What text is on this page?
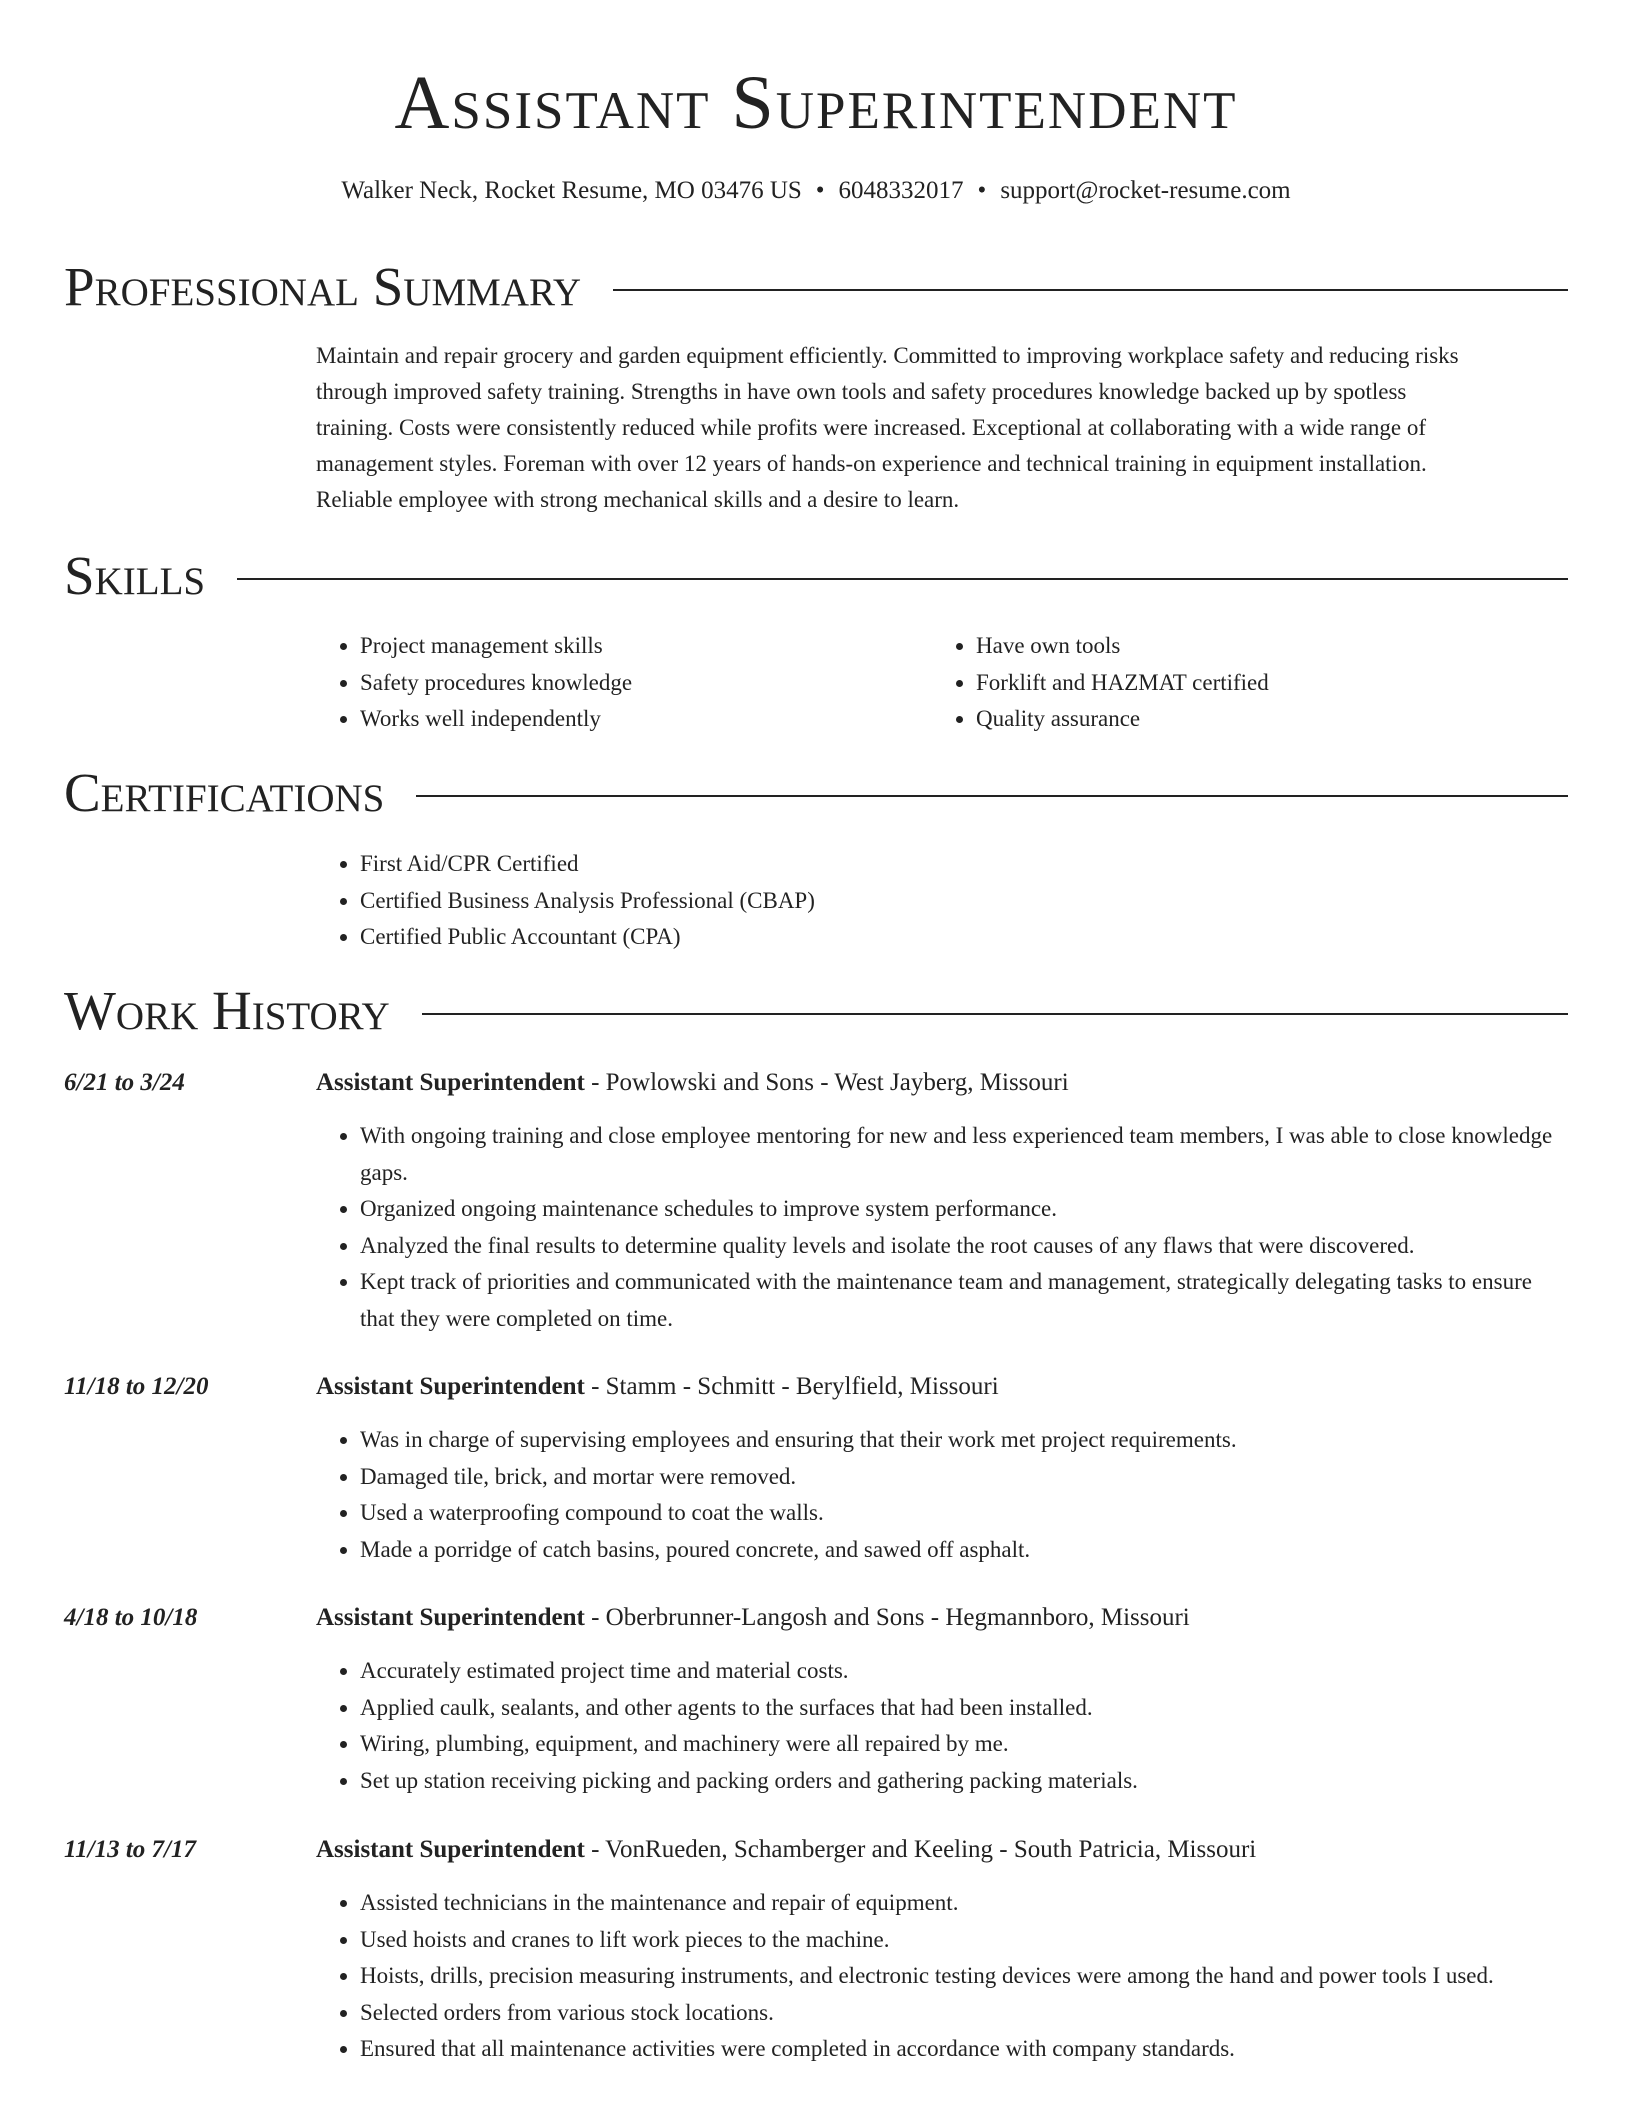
Assistant Superintendent
Walker Neck, Rocket Resume, MO 03476 US • 6048332017 • support@rocket-resume.com
Professional Summary
Maintain and repair grocery and garden equipment efficiently. Committed to improving workplace safety and reducing risks
through improved safety training. Strengths in have own tools and safety procedures knowledge backed up by spotless
training. Costs were consistently reduced while profits were increased. Exceptional at collaborating with a wide range of
management styles. Foreman with over 12 years of hands-on experience and technical training in equipment installation.
Reliable employee with strong mechanical skills and a desire to learn.
Skills
• Project management skills
• Safety procedures knowledge
• Works well independently
• Have own tools
• Forklift and HAZMAT certified
• Quality assurance
Certifications
• First Aid/CPR Certified
• Certified Business Analysis Professional (CBAP)
• Certified Public Accountant (CPA)
Work History
6/21 to 3/24	Assistant Superintendent - Powlowski and Sons - West Jayberg, Missouri
• With ongoing training and close employee mentoring for new and less experienced team members, I was able to close knowledge gaps.
• Organized ongoing maintenance schedules to improve system performance.
• Analyzed the final results to determine quality levels and isolate the root causes of any flaws that were discovered.
• Kept track of priorities and communicated with the maintenance team and management, strategically delegating tasks to ensure that they were completed on time.
11/18 to 12/20	Assistant Superintendent - Stamm - Schmitt - Berylfield, Missouri
• Was in charge of supervising employees and ensuring that their work met project requirements.
• Damaged tile, brick, and mortar were removed.
• Used a waterproofing compound to coat the walls.
• Made a porridge of catch basins, poured concrete, and sawed off asphalt.
4/18 to 10/18	Assistant Superintendent - Oberbrunner-Langosh and Sons - Hegmannboro, Missouri
• Accurately estimated project time and material costs.
• Applied caulk, sealants, and other agents to the surfaces that had been installed.
• Wiring, plumbing, equipment, and machinery were all repaired by me.
• Set up station receiving picking and packing orders and gathering packing materials.
11/13 to 7/17	Assistant Superintendent - VonRueden, Schamberger and Keeling - South Patricia, Missouri
• Assisted technicians in the maintenance and repair of equipment.
• Used hoists and cranes to lift work pieces to the machine.
• Hoists, drills, precision measuring instruments, and electronic testing devices were among the hand and power tools I used.
• Selected orders from various stock locations.
• Ensured that all maintenance activities were completed in accordance with company standards.
